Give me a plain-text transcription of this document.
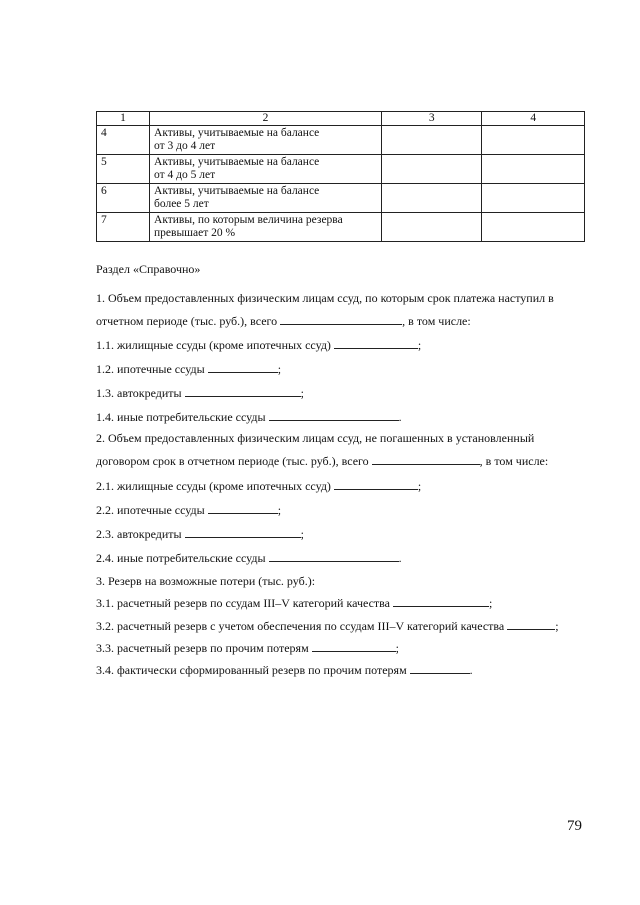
1	2	3	4
4	Активы, учитываемые на балансе
от 3 до 4 лет		
5	Активы, учитываемые на балансе
от 4 до 5 лет		
6	Активы, учитываемые на балансе
более 5 лет		
7	Активы, по которым величина резерва
превышает 20 %		
Раздел «Справочно»
1. Объем предоставленных физическим лицам ссуд, по которым срок платежа наступил в
отчетном периоде (тыс. руб.), всего	, в том числе:
1.1. жилищные ссуды (кроме ипотечных ссуд)	;
1.2. ипотечные ссуды	;
1.3. автокредиты	;
1.4. иные потребительские ссуды	.
2. Объем предоставленных физическим лицам ссуд, не погашенных в установленный
договором срок в отчетном периоде (тыс. руб.), всего	, в том числе:
2.1. жилищные ссуды (кроме ипотечных ссуд)	;
2.2. ипотечные ссуды	;
2.3. автокредиты	;
2.4. иные потребительские ссуды	.
3. Резерв на возможные потери (тыс. руб.):
3.1. расчетный резерв по ссудам III–V категорий качества	;
3.2. расчетный резерв с учетом обеспечения по ссудам III–V категорий качества	;
3.3. расчетный резерв по прочим потерям	;
3.4. фактически сформированный резерв по прочим потерям	.
79
